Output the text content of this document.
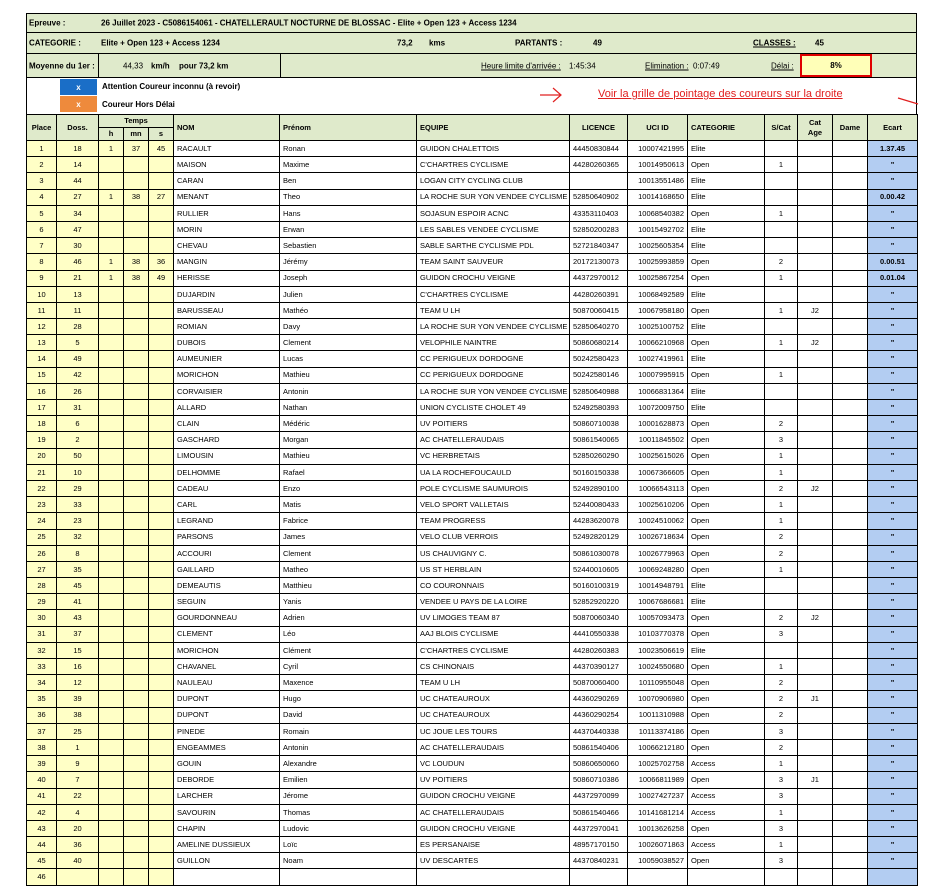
Epreuve :	26 Juillet 2023 - C5086154061 - CHATELLERAULT NOCTURNE DE BLOSSAC - Elite + Open 123 + Access 1234
CATEGORIE :	Elite + Open 123 + Access 1234	73,2 kms	PARTANTS :	49	CLASSES : 45
Moyenne du 1er :	44,33 km/h pour 73,2 km	Heure limite d'arrivée : 1:45:34	Elimination : 0:07:49	Délai :	8%
x	Attention Coureur inconnu (à revoir)
x	Coureur Hors Délai
Voir la grille de pointage des coureurs sur la droite
Place	Doss.	Temps			NOM	Prénom	EQUIPE	LICENCE	UCI ID	CATEGORIE	S/Cat	Cat Age	Dame	Ecart
		h	mn	s										
1	18	1	37	45	RACAULT	Ronan	GUIDON CHALETTOIS	44450830844	10007421995	Elite				1.37.45
2	14				MAISON	Maxime	C'CHARTRES CYCLISME	44280260365	10014950613	Open	1			"
3	44				CARAN	Ben	LOGAN CITY CYCLING CLUB		10013551486	Elite				"
4	27	1	38	27	MENANT	Theo	LA ROCHE SUR YON VENDEE CYCLISME	52850640902	10014168650	Elite				0.00.42
5	34				RULLIER	Hans	SOJASUN ESPOIR ACNC	43353110403	10068540382	Open	1			"
6	47				MORIN	Erwan	LES SABLES VENDEE CYCLISME	52850200283	10015492702	Elite				"
7	30				CHEVAU	Sebastien	SABLE SARTHE CYCLISME PDL	52721840347	10025605354	Elite				"
8	46	1	38	36	MANGIN	Jérémy	TEAM SAINT SAUVEUR	20172130073	10025993859	Open	2			0.00.51
9	21	1	38	49	HERISSE	Joseph	GUIDON CROCHU VEIGNE	44372970012	10025867254	Open	1			0.01.04
10	13				DUJARDIN	Julien	C'CHARTRES CYCLISME	44280260391	10068492589	Elite				"
11	11				BARUSSEAU	Mathéo	TEAM U LH	50870060415	10067958180	Open	1	J2		"
12	28				ROMIAN	Davy	LA ROCHE SUR YON VENDEE CYCLISME	52850640270	10025100752	Elite				"
13	5				DUBOIS	Clement	VELOPHILE NAINTRE	50860680214	10066210968	Open	1	J2		"
14	49				AUMEUNIER	Lucas	CC PERIGUEUX DORDOGNE	50242580423	10027419961	Elite				"
15	42				MORICHON	Mathieu	CC PERIGUEUX DORDOGNE	50242580146	10007995915	Open	1			"
16	26				CORVAISIER	Antonin	LA ROCHE SUR YON VENDEE CYCLISME	52850640988	10066831364	Elite				"
17	31				ALLARD	Nathan	UNION CYCLISTE CHOLET 49	52492580393	10072009750	Elite				"
18	6				CLAIN	Médéric	UV POITIERS	50860710038	10001628873	Open	2			"
19	2				GASCHARD	Morgan	AC CHATELLERAUDAIS	50861540065	10011845502	Open	3			"
20	50				LIMOUSIN	Mathieu	VC HERBRETAIS	52850260290	10025615026	Open	1			"
21	10				DELHOMME	Rafael	UA LA ROCHEFOUCAULD	50160150338	10067366605	Open	1			"
22	29				CADEAU	Enzo	POLE CYCLISME SAUMUROIS	52492890100	10066543113	Open	2	J2		"
23	33				CARL	Matis	VELO SPORT VALLETAIS	52440080433	10025610206	Open	1			"
24	23				LEGRAND	Fabrice	TEAM PROGRESS	44283620078	10024510062	Open	1			"
25	32				PARSONS	James	VELO CLUB VERROIS	52492820129	10026718634	Open	2			"
26	8				ACCOURI	Clement	US CHAUVIGNY C.	50861030078	10026779963	Open	2			"
27	35				GAILLARD	Matheo	US ST HERBLAIN	52440010605	10069248280	Open	1			"
28	45				DEMEAUTIS	Matthieu	CO COURONNAIS	50160100319	10014948791	Elite				"
29	41				SEGUIN	Yanis	VENDEE U PAYS DE LA LOIRE	52852920220	10067686681	Elite				"
30	43				GOURDONNEAU	Adrien	UV LIMOGES TEAM 87	50870060340	10057093473	Open	2	J2		"
31	37				CLEMENT	Léo	AAJ BLOIS CYCLISME	44410550338	10103770378	Open	3			"
32	15				MORICHON	Clément	C'CHARTRES CYCLISME	44280260383	10023506619	Elite				"
33	16				CHAVANEL	Cyril	CS CHINONAIS	44370390127	10024550680	Open	1			"
34	12				NAULEAU	Maxence	TEAM U LH	50870060400	10110955048	Open	2			"
35	39				DUPONT	Hugo	UC CHATEAUROUX	44360290269	10070906980	Open	2	J1		"
36	38				DUPONT	David	UC CHATEAUROUX	44360290254	10011310988	Open	2			"
37	25				PINEDE	Romain	UC JOUE LES TOURS	44370440338	10113374186	Open	3			"
38	1				ENGEAMMES	Antonin	AC CHATELLERAUDAIS	50861540406	10066212180	Open	2			"
39	9				GOUIN	Alexandre	VC LOUDUN	50860650060	10025702758	Access	1			"
40	7				DEBORDE	Emilien	UV POITIERS	50860710386	10066811989	Open	3	J1		"
41	22				LARCHER	Jérome	GUIDON CROCHU VEIGNE	44372970099	10027427237	Access	3			"
42	4				SAVOURIN	Thomas	AC CHATELLERAUDAIS	50861540466	10141681214	Access	1			"
43	20				CHAPIN	Ludovic	GUIDON CROCHU VEIGNE	44372970041	10013626258	Open	3			"
44	36				AMELINE DUSSIEUX	Loïc	ES PERSANAISE	48957170150	10026071863	Access	1			"
45	40				GUILLON	Noam	UV DESCARTES	44370840231	10059038527	Open	3			"
46														
